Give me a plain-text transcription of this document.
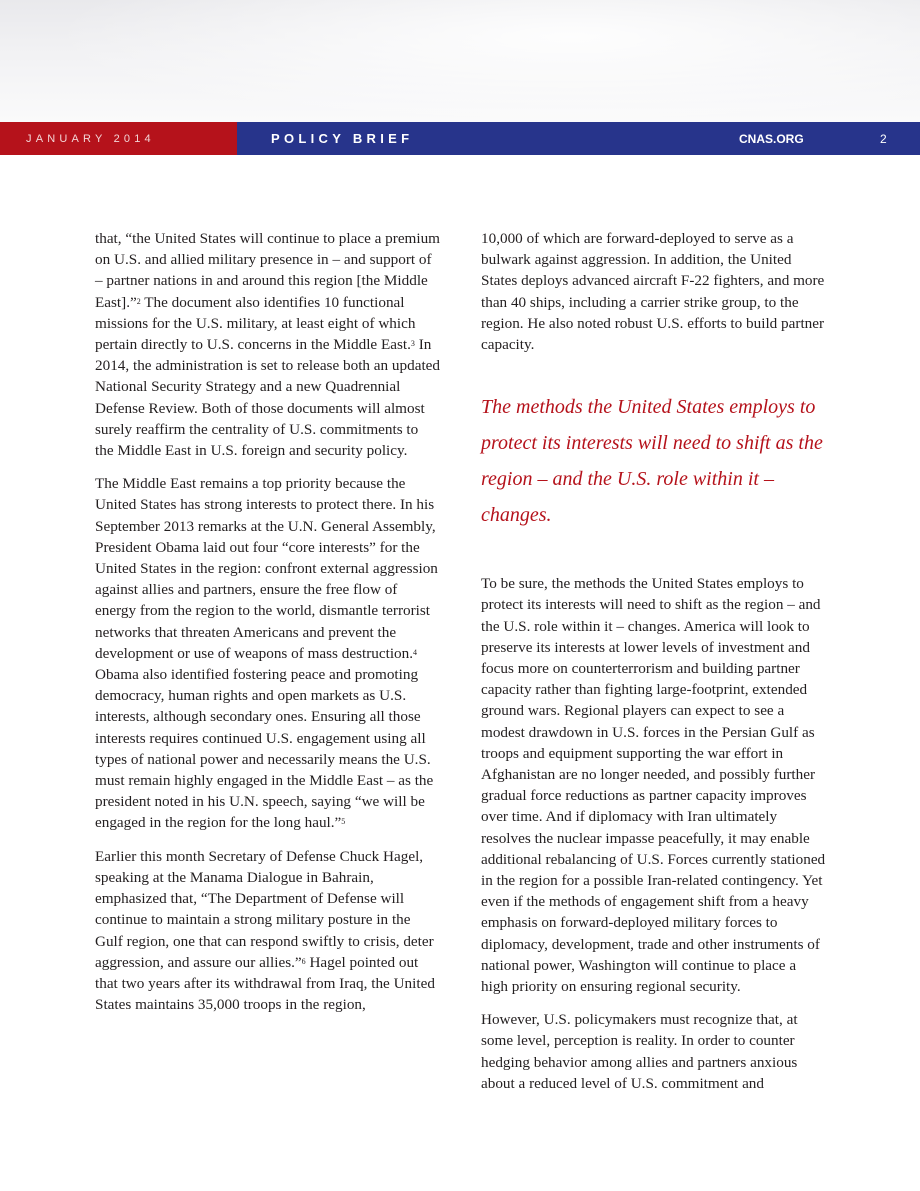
JANUARY 2014	POLICY BRIEF	CNAS.ORG	2

that, “the United States will continue to place a premium on U.S. and allied military presence in – and support of – partner nations in and around this region [the Middle East].”$^2$ The document also identifies 10 functional missions for the U.S. military, at least eight of which pertain directly to U.S. concerns in the Middle East.$^3$ In 2014, the administration is set to release both an updated National Security Strategy and a new Quadrennial Defense Review. Both of those documents will almost surely reaffirm the centrality of U.S. commitments to the Middle East in U.S. foreign and security policy.

The Middle East remains a top priority because the United States has strong interests to protect there. In his September 2013 remarks at the U.N. General Assembly, President Obama laid out four “core interests” for the United States in the region: confront external aggression against allies and partners, ensure the free flow of energy from the region to the world, dismantle terrorist networks that threaten Americans and prevent the development or use of weapons of mass destruction.$^4$ Obama also identified fostering peace and promoting democracy, human rights and open markets as U.S. interests, although secondary ones. Ensuring all those interests requires continued U.S. engagement using all types of national power and necessarily means the U.S. must remain highly engaged in the Middle East – as the president noted in his U.N. speech, saying “we will be engaged in the region for the long haul.”$^5$

Earlier this month Secretary of Defense Chuck Hagel, speaking at the Manama Dialogue in Bahrain, emphasized that, “The Department of Defense will continue to maintain a strong military posture in the Gulf region, one that can respond swiftly to crisis, deter aggression, and assure our allies.”$^6$ Hagel pointed out that two years after its withdrawal from Iraq, the United States maintains 35,000 troops in the region,

10,000 of which are forward-deployed to serve as a bulwark against aggression. In addition, the United States deploys advanced aircraft F-22 fighters, and more than 40 ships, including a carrier strike group, to the region. He also noted robust U.S. efforts to build partner capacity.

The methods the United States employs to protect its interests will need to shift as the region – and the U.S. role within it – changes.

To be sure, the methods the United States employs to protect its interests will need to shift as the region – and the U.S. role within it – changes. America will look to preserve its interests at lower levels of investment and focus more on counterterrorism and building partner capacity rather than fighting large-footprint, extended ground wars. Regional players can expect to see a modest drawdown in U.S. forces in the Persian Gulf as troops and equipment supporting the war effort in Afghanistan are no longer needed, and possibly further gradual force reductions as partner capacity improves over time. And if diplomacy with Iran ultimately resolves the nuclear impasse peacefully, it may enable additional rebalancing of U.S. Forces currently stationed in the region for a possible Iran-related contingency. Yet even if the methods of engagement shift from a heavy emphasis on forward-deployed military forces to diplomacy, development, trade and other instruments of national power, Washington will continue to place a high priority on ensuring regional security.

However, U.S. policymakers must recognize that, at some level, perception is reality. In order to counter hedging behavior among allies and partners anxious about a reduced level of U.S. commitment and
